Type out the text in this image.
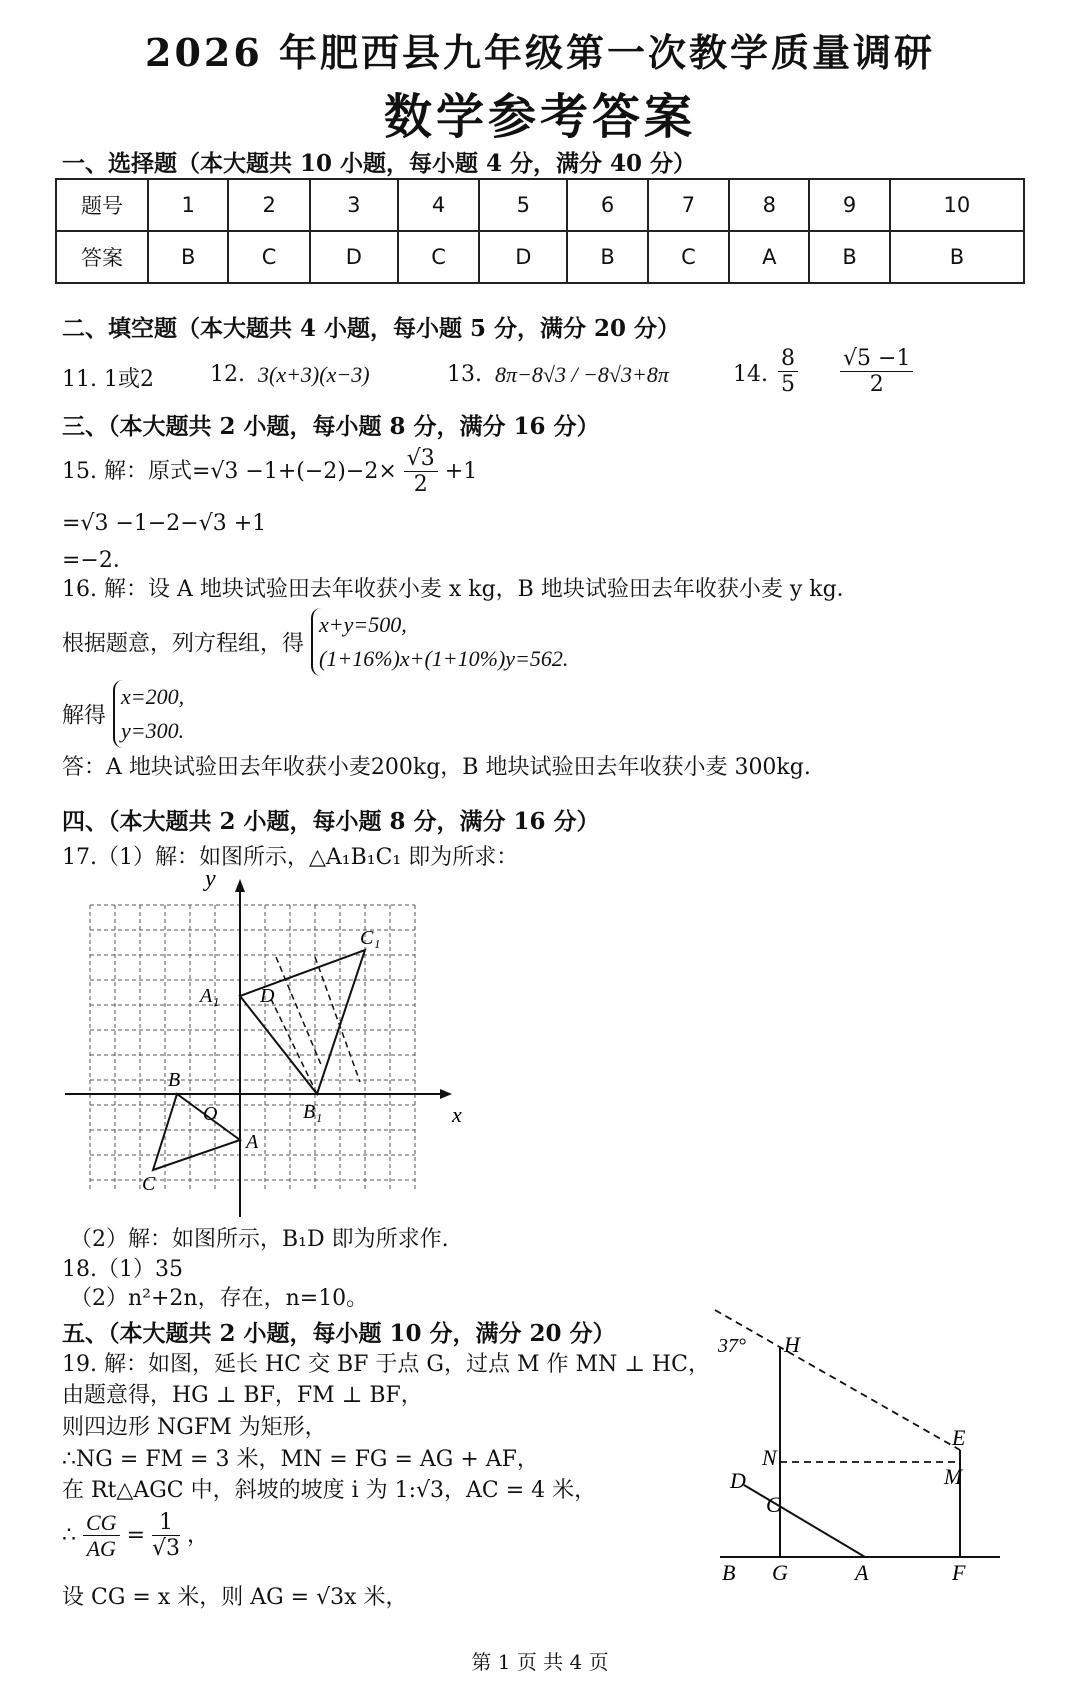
2026 年肥西县九年级第一次教学质量调研
数学参考答案
一、选择题（本大题共 10 小题，每小题 4 分，满分 40 分）
题号	1	2	3	4	5	6	7	8	9	10
答案	B	C	D	C	D	B	C	A	B	B
二、填空题（本大题共 4 小题，每小题 5 分，满分 20 分）
11. 1或2	12. 3(x+3)(x−3)	13. 8π−8√3 / −8√3+8π	14. $\frac{8}{5} \frac{√5 -1}{2}$
三、（本大题共 2 小题，每小题 8 分，满分 16 分）
15. 解：原式$=√3 -1+(-2)-2\times \frac{√3}{2} +1$
=√3 −1−2−√3 +1
=−2．
16. 解：设 A 地块试验田去年收获小麦 x kg，B 地块试验田去年收获小麦 y kg．
根据题意，列方程组，得
x+y=500,
(1+16%)x+(1+10%)y=562.
解得
x=200,
y=300.
答：A 地块试验田去年收获小麦200kg，B 地块试验田去年收获小麦 300kg.
四、（本大题共 2 小题，每小题 8 分，满分 16 分）
17.（1）解：如图所示，△A₁B₁C₁ 即为所求：
y
x
O
A
B
C
A₁
B₁
C₁
D
（2）解：如图所示，B₁D 即为所求作.
18.（1）35
（2）n²+2n，存在，n=10。
五、（本大题共 2 小题，每小题 10 分，满分 20 分）
19. 解：如图，延长 HC 交 BF 于点 G，过点 M 作 MN ⊥ HC，
由题意得，HG ⊥ BF，FM ⊥ BF，
则四边形 NGFM 为矩形，
∴NG = FM = 3 米，MN = FG = AG + AF，
在 Rt△AGC 中，斜坡的坡度 i 为 1:√3，AC = 4 米，
∴ $\frac{CG}{AG} = \frac{1}{√3}$ ，
设 CG = x 米，则 AG = √3x 米，
37° H
E
N
M
D
C
B G	A	F
第 1 页 共 4 页
